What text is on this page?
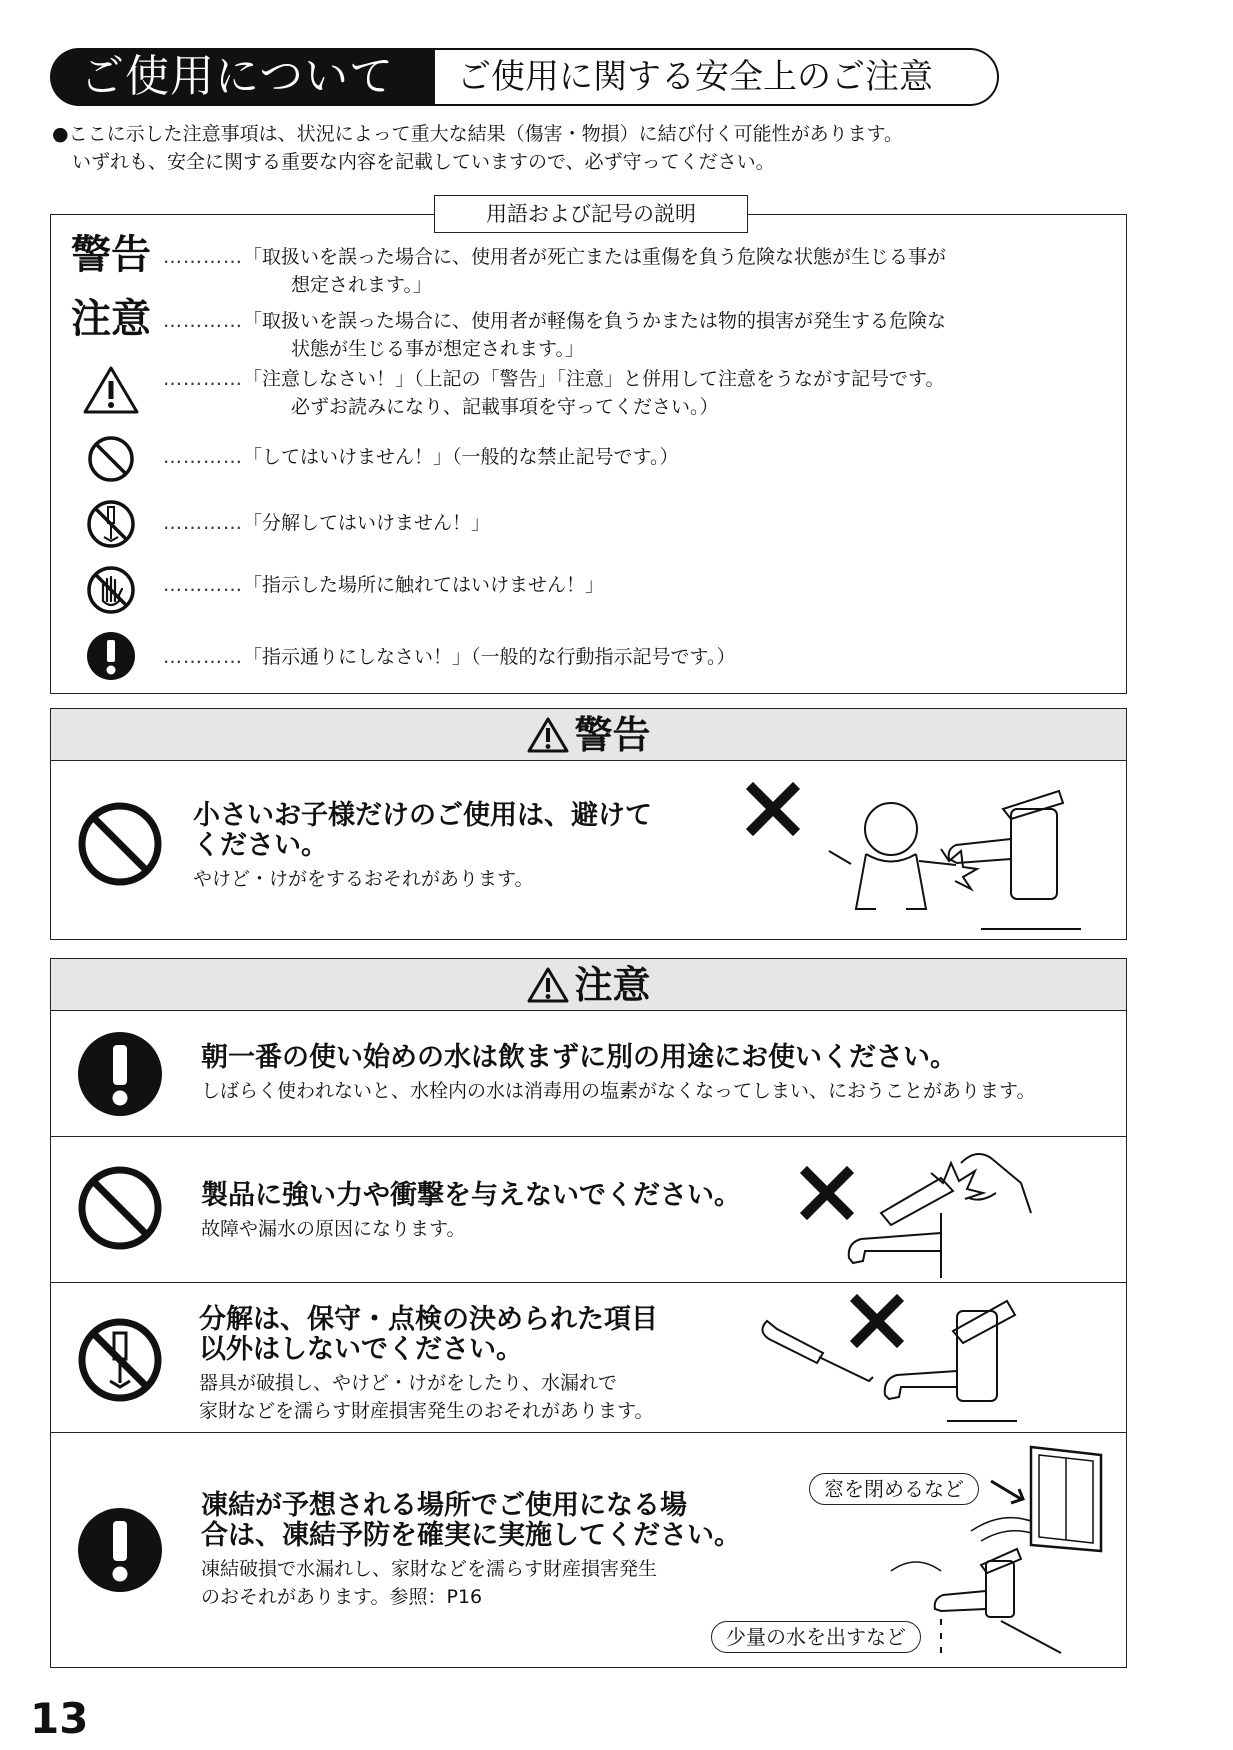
ご使用について	ご使用に関する安全上のご注意
●ここに示した注意事項は、状況によって重大な結果（傷害・物損）に結び付く可能性があります。
いずれも、安全に関する重要な内容を記載していますので、必ず守ってください。
用語および記号の説明
警告 …………「取扱いを誤った場合に、使用者が死亡または重傷を負う危険な状態が生じる事が
想定されます。」
注意 …………「取扱いを誤った場合に、使用者が軽傷を負うかまたは物的損害が発生する危険な
状態が生じる事が想定されます。」
…………「注意しなさい！」（上記の「警告」「注意」と併用して注意をうながす記号です。
必ずお読みになり、記載事項を守ってください。）
…………「してはいけません！」（一般的な禁止記号です。）
…………「分解してはいけません！」
…………「指示した場所に触れてはいけません！」
…………「指示通りにしなさい！」（一般的な行動指示記号です。）
警告
小さいお子様だけのご使用は、避けて
ください。
やけど・けがをするおそれがあります。
注意
朝一番の使い始めの水は飲まずに別の用途にお使いください。
しばらく使われないと、水栓内の水は消毒用の塩素がなくなってしまい、におうことがあります。
製品に強い力や衝撃を与えないでください。
故障や漏水の原因になります。
分解は、保守・点検の決められた項目
以外はしないでください。
器具が破損し、やけど・けがをしたり、水漏れで
家財などを濡らす財産損害発生のおそれがあります。
凍結が予想される場所でご使用になる場
合は、凍結予防を確実に実施してください。
凍結破損で水漏れし、家財などを濡らす財産損害発生
のおそれがあります。参照：P16
窓を閉めるなど
少量の水を出すなど
13
